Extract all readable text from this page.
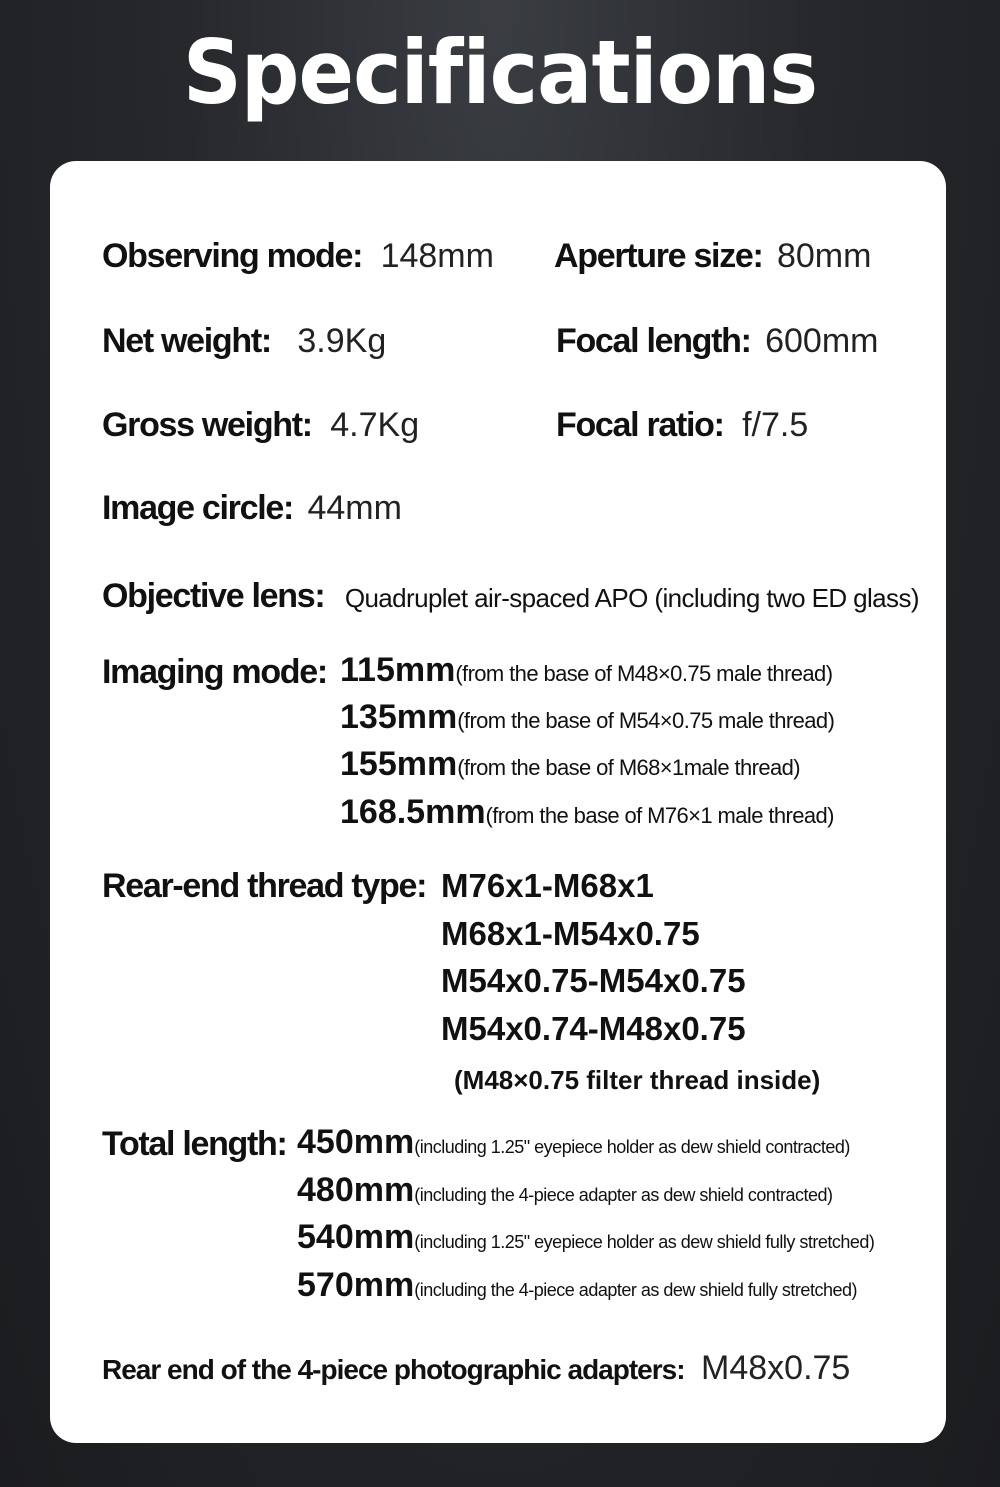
Specifications
Observing mode: 148mm Aperture size: 80mm
Net weight: 3.9Kg	Focal length: 600mm
Gross weight: 4.7Kg	Focal ratio: f/7.5
Image circle: 44mm
Objective lens: Quadruplet air-spaced APO (including two ED glass)
Imaging mode: 115mm(from the base of M48×0.75 male thread)
135mm(from the base of M54×0.75 male thread)
155mm(from the base of M68×1male thread)
168.5mm(from the base of M76×1 male thread)
Rear-end thread type: M76x1-M68x1
M68x1-M54x0.75
M54x0.75-M54x0.75
M54x0.74-M48x0.75
(M48×0.75 filter thread inside)
Total length: 450mm(including 1.25" eyepiece holder as dew shield contracted)
480mm(including the 4-piece adapter as dew shield contracted)
540mm(including 1.25" eyepiece holder as dew shield fully stretched)
570mm(including the 4-piece adapter as dew shield fully stretched)
Rear end of the 4-piece photographic adapters: M48x0.75
